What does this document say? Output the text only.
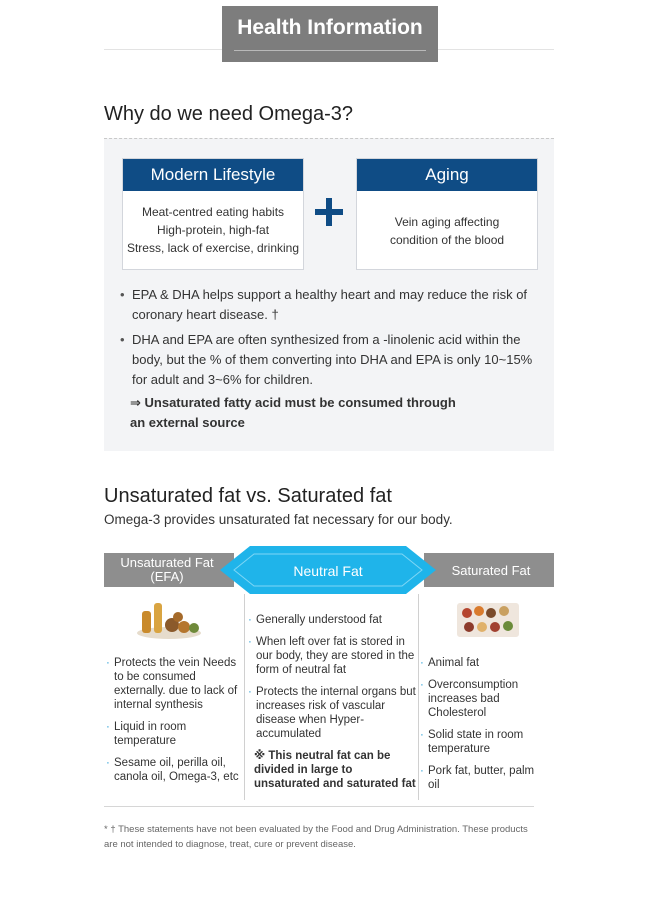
Health Information
Why do we need Omega-3?
Modern Lifestyle
Meat-centred eating habits
High-protein, high-fat
Stress, lack of exercise, drinking
Aging
Vein aging affecting
condition of the blood
• EPA & DHA helps support a healthy heart and may reduce the risk of coronary heart disease. †
• DHA and EPA are often synthesized from a -linolenic acid within the body, but the % of them converting into DHA and EPA is only 10~15% for adult and 3~6% for children.
⇒ Unsaturated fatty acid must be consumed through an external source
Unsaturated fat vs. Saturated fat
Omega-3 provides unsaturated fat necessary for our body.
Unsaturated Fat (EFA)	Neutral Fat	Saturated Fat
· Protects the vein Needs to be consumed externally. due to lack of internal synthesis
· Liquid in room temperature
· Sesame oil, perilla oil, canola oil, Omega-3, etc
· Generally understood fat
· When left over fat is stored in our body, they are stored in the form of neutral fat
· Protects the internal organs but increases risk of vascular disease when Hyper-accumulated
※ This neutral fat can be divided in large to unsaturated and saturated fat
· Animal fat
· Overconsumption increases bad Cholesterol
· Solid state in room temperature
· Pork fat, butter, palm oil
* † These statements have not been evaluated by the Food and Drug Administration. These products are not intended to diagnose, treat, cure or prevent disease.
